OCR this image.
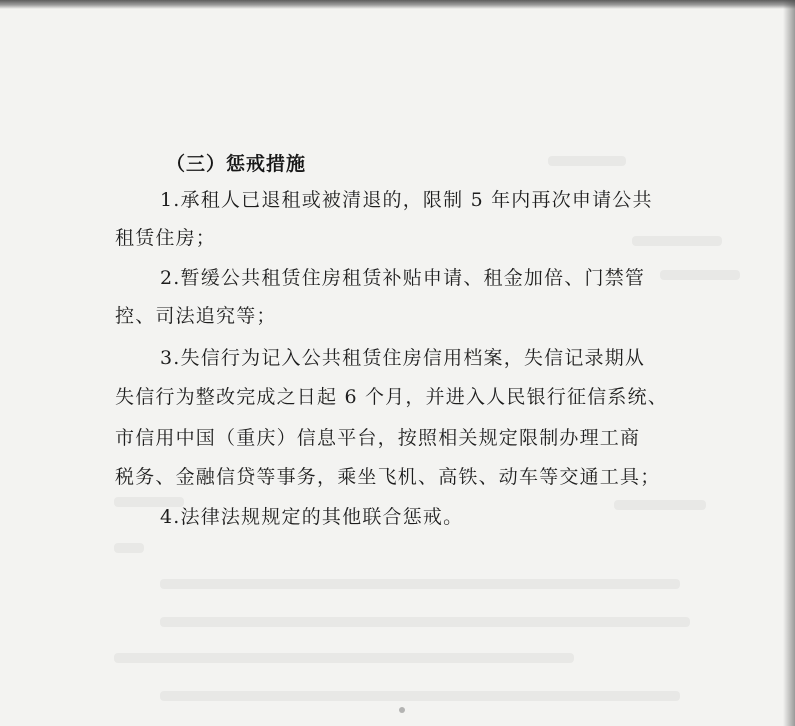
（三）惩戒措施
1.承租人已退租或被清退的，限制 5 年内再次申请公共
租赁住房；
2.暂缓公共租赁住房租赁补贴申请、租金加倍、门禁管
控、司法追究等；
3.失信行为记入公共租赁住房信用档案，失信记录期从
失信行为整改完成之日起 6 个月，并进入人民银行征信系统、
市信用中国（重庆）信息平台，按照相关规定限制办理工商
税务、金融信贷等事务，乘坐飞机、高铁、动车等交通工具；
4.法律法规规定的其他联合惩戒。
